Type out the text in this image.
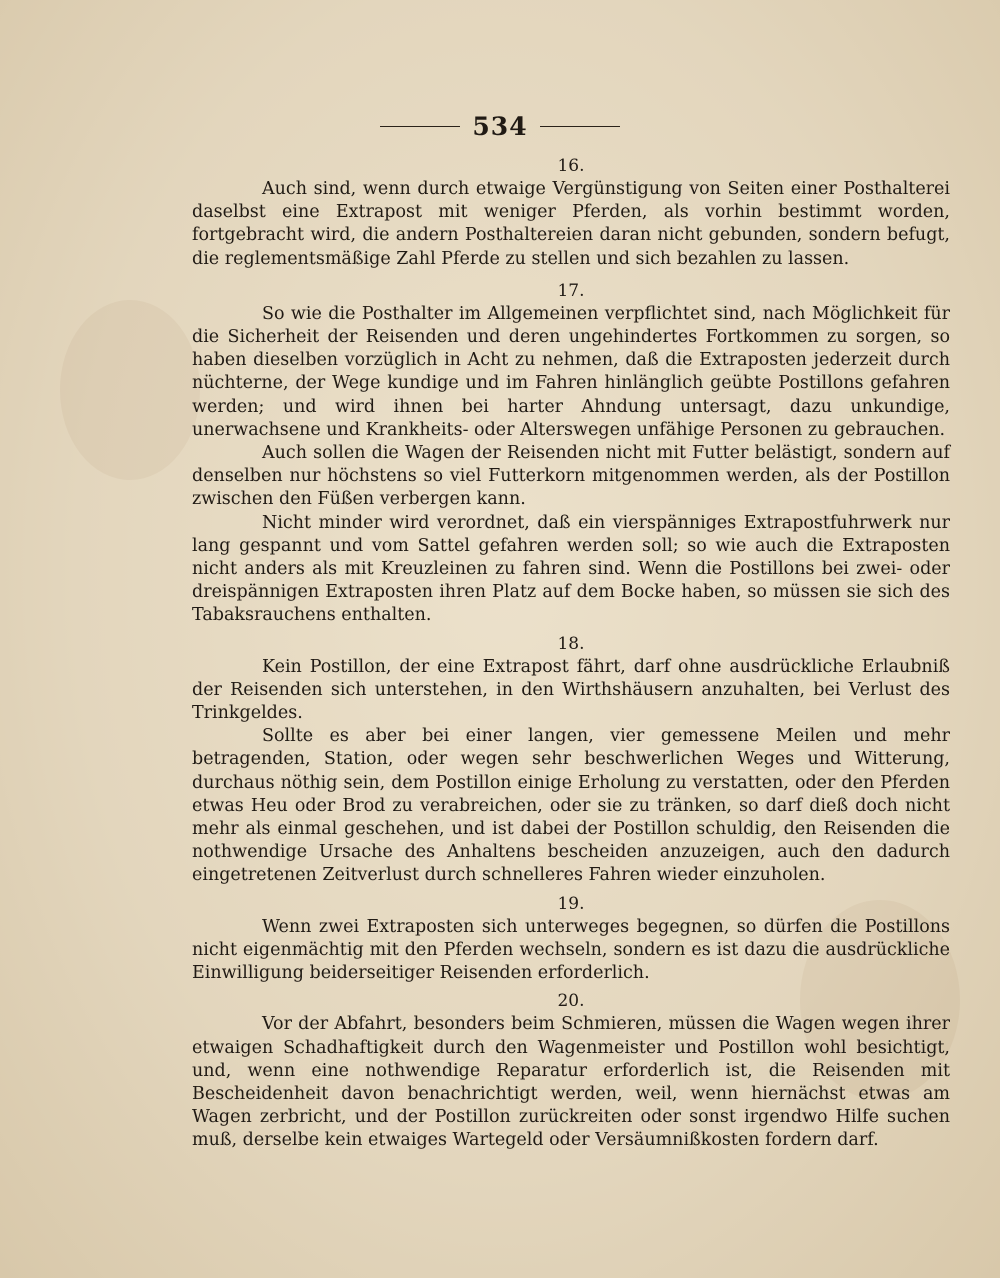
534
16.

Auch sind, wenn durch etwaige Vergünstigung von Seiten einer Posthalterei daselbst eine Extrapost mit weniger Pferden, als vorhin bestimmt worden, fortgebracht wird, die andern Posthaltereien daran nicht gebunden, sondern befugt, die reglementsmäßige Zahl Pferde zu stellen und sich bezahlen zu lassen.

17.

So wie die Posthalter im Allgemeinen verpflichtet sind, nach Möglichkeit für die Sicherheit der Reisenden und deren ungehindertes Fortkommen zu sorgen, so haben dieselben vorzüglich in Acht zu nehmen, daß die Extraposten jederzeit durch nüchterne, der Wege kundige und im Fahren hinlänglich geübte Postillons gefahren werden; und wird ihnen bei harter Ahndung untersagt, dazu unkundige, unerwachsene und Krankheits- oder Alterswegen unfähige Personen zu gebrauchen.

Auch sollen die Wagen der Reisenden nicht mit Futter belästigt, sondern auf denselben nur höchstens so viel Futterkorn mitgenommen werden, als der Postillon zwischen den Füßen verbergen kann.

Nicht minder wird verordnet, daß ein vierspänniges Extrapostfuhrwerk nur lang gespannt und vom Sattel gefahren werden soll; so wie auch die Extraposten nicht anders als mit Kreuzleinen zu fahren sind. Wenn die Postillons bei zwei- oder dreispännigen Extraposten ihren Platz auf dem Bocke haben, so müssen sie sich des Tabaksrauchens enthalten.

18.

Kein Postillon, der eine Extrapost fährt, darf ohne ausdrückliche Erlaubniß der Reisenden sich unterstehen, in den Wirthshäusern anzuhalten, bei Verlust des Trinkgeldes.

Sollte es aber bei einer langen, vier gemessene Meilen und mehr betragenden, Station, oder wegen sehr beschwerlichen Weges und Witterung, durchaus nöthig sein, dem Postillon einige Erholung zu verstatten, oder den Pferden etwas Heu oder Brod zu verabreichen, oder sie zu tränken, so darf dieß doch nicht mehr als einmal geschehen, und ist dabei der Postillon schuldig, den Reisenden die nothwendige Ursache des Anhaltens bescheiden anzuzeigen, auch den dadurch eingetretenen Zeitverlust durch schnelleres Fahren wieder einzuholen.

19.

Wenn zwei Extraposten sich unterweges begegnen, so dürfen die Postillons nicht eigenmächtig mit den Pferden wechseln, sondern es ist dazu die ausdrückliche Einwilligung beiderseitiger Reisenden erforderlich.

20.

Vor der Abfahrt, besonders beim Schmieren, müssen die Wagen wegen ihrer etwaigen Schadhaftigkeit durch den Wagenmeister und Postillon wohl besichtigt, und, wenn eine nothwendige Reparatur erforderlich ist, die Reisenden mit Bescheidenheit davon benachrichtigt werden, weil, wenn hiernächst etwas am Wagen zerbricht, und der Postillon zurückreiten oder sonst irgendwo Hilfe suchen muß, derselbe kein etwaiges Wartegeld oder Versäumnißkosten fordern darf.
